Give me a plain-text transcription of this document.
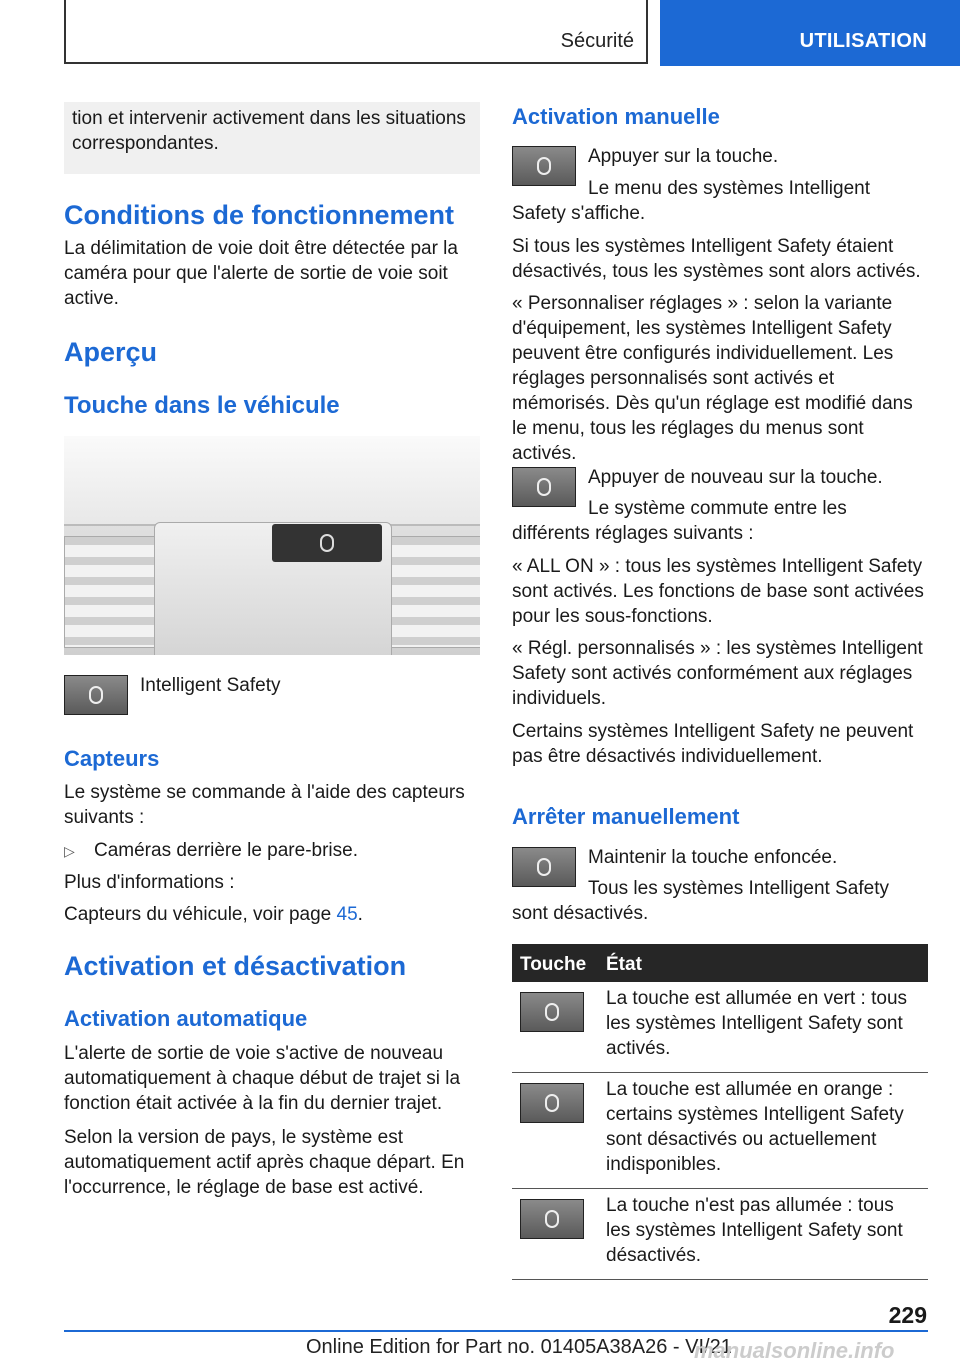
Sécurité	UTILISATION

tion et intervenir activement dans les situations correspondantes.

Conditions de fonctionnement

La délimitation de voie doit être détectée par la caméra pour que l'alerte de sortie de voie soit active.

Aperçu
Touche dans le véhicule

Intelligent Safety

Capteurs

Le système se commande à l'aide des capteurs suivants :

▷ Caméras derrière le pare-brise.

Plus d'informations :

Capteurs du véhicule, voir page 45.

Activation et désactivation
Activation automatique

L'alerte de sortie de voie s'active de nouveau automatiquement à chaque début de trajet si la fonction était activée à la fin du dernier trajet.

Selon la version de pays, le système est automatiquement actif après chaque départ. En l'occurrence, le réglage de base est activé.

Activation manuelle

Appuyer sur la touche.

Le menu des systèmes Intelligent Safety s'affiche.

Si tous les systèmes Intelligent Safety étaient désactivés, tous les systèmes sont alors activés.

« Personnaliser réglages » : selon la variante d'équipement, les systèmes Intelligent Safety peuvent être configurés individuellement. Les réglages personnalisés sont activés et mémorisés. Dès qu'un réglage est modifié dans le menu, tous les réglages du menus sont activés.

Appuyer de nouveau sur la touche.

Le système commute entre les différents réglages suivants :

« ALL ON » : tous les systèmes Intelligent Safety sont activés. Les fonctions de base sont activées pour les sous-fonctions.

« Régl. personnalisés » : les systèmes Intelligent Safety sont activés conformément aux réglages individuels.

Certains systèmes Intelligent Safety ne peuvent pas être désactivés individuellement.

Arrêter manuellement

Maintenir la touche enfoncée.

Tous les systèmes Intelligent Safety sont désactivés.

Touche État

La touche est allumée en vert : tous les systèmes Intelligent Safety sont activés.

La touche est allumée en orange : certains systèmes Intelligent Safety sont désactivés ou actuellement indisponibles.

La touche n'est pas allumée : tous les systèmes Intelligent Safety sont désactivés.

229
Online Edition for Part no. 01405A38A26 - VI/21
manualsonline.info
